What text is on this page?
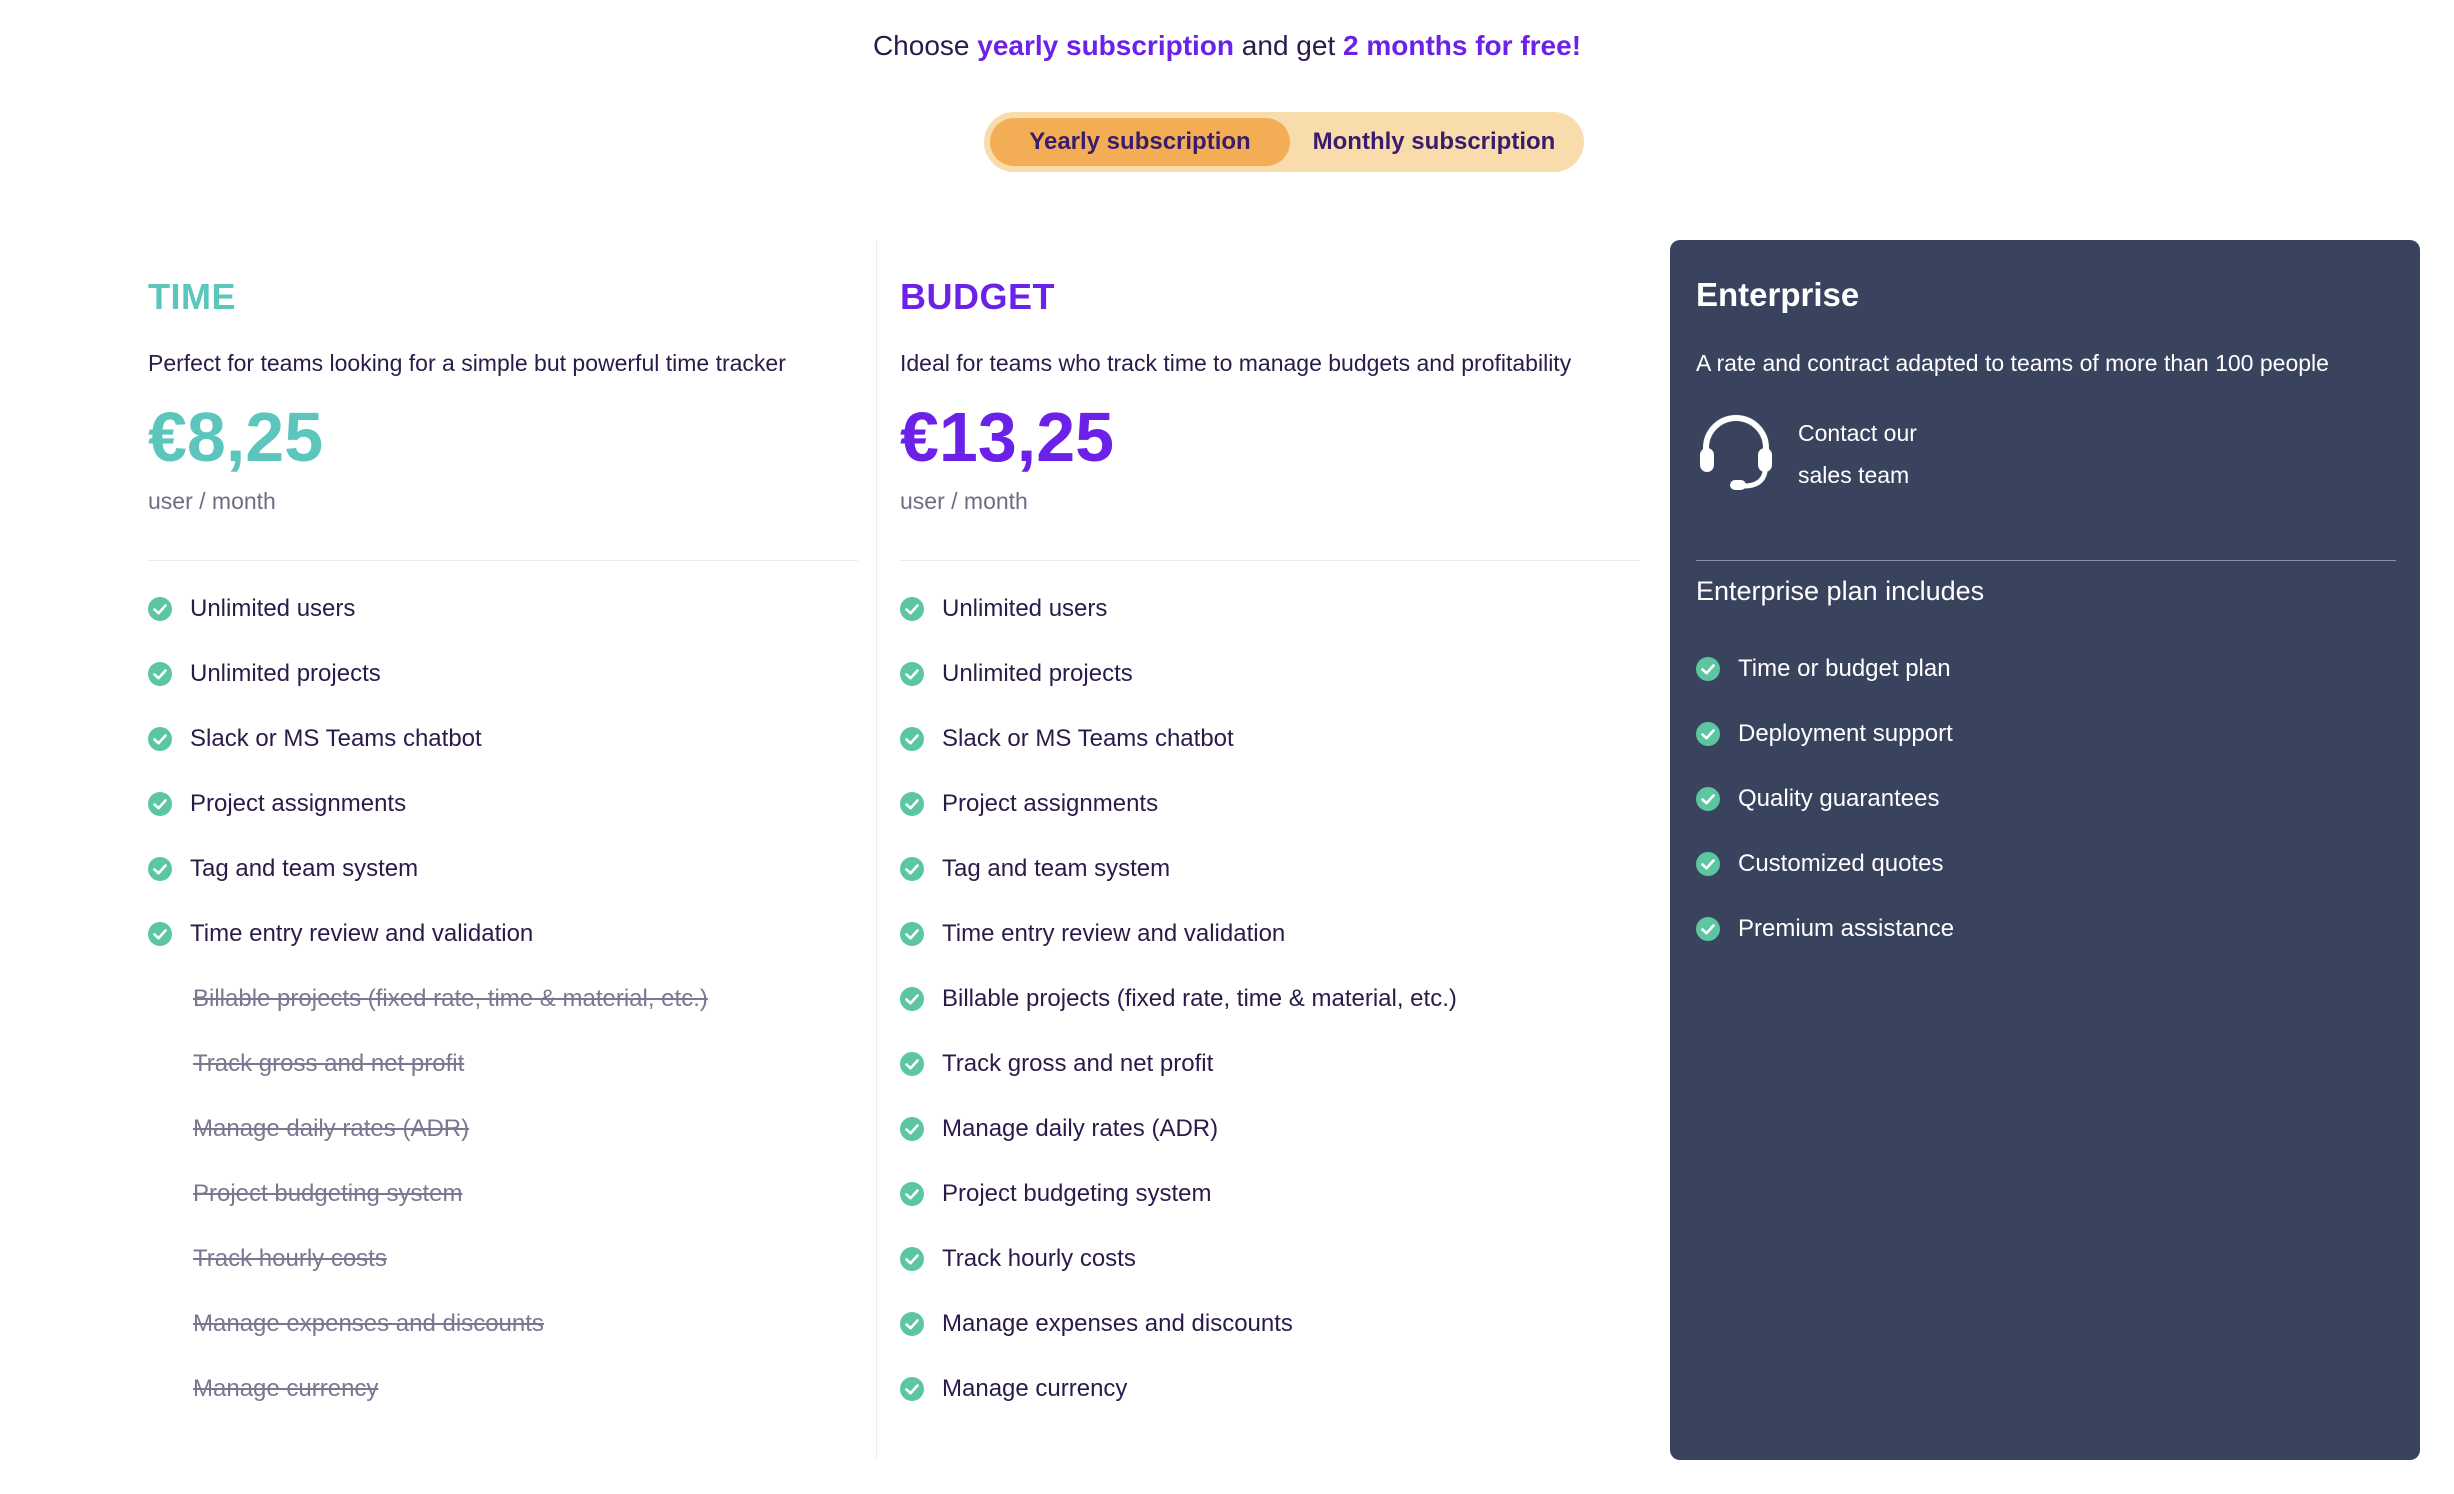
Choose yearly subscription and get 2 months for free!
Yearly subscription	Monthly subscription
TIME
Perfect for teams looking for a simple but powerful time tracker
€8,25
user / month
Unlimited users
Unlimited projects
Slack or MS Teams chatbot
Project assignments
Tag and team system
Time entry review and validation
Billable projects (fixed rate, time & material, etc.)
Track gross and net profit
Manage daily rates (ADR)
Project budgeting system
Track hourly costs
Manage expenses and discounts
Manage currency
BUDGET
Ideal for teams who track time to manage budgets and profitability
€13,25
user / month
Unlimited users
Unlimited projects
Slack or MS Teams chatbot
Project assignments
Tag and team system
Time entry review and validation
Billable projects (fixed rate, time & material, etc.)
Track gross and net profit
Manage daily rates (ADR)
Project budgeting system
Track hourly costs
Manage expenses and discounts
Manage currency
Enterprise
A rate and contract adapted to teams of more than 100 people
Contact our
sales team
Enterprise plan includes
Time or budget plan
Deployment support
Quality guarantees
Customized quotes
Premium assistance
